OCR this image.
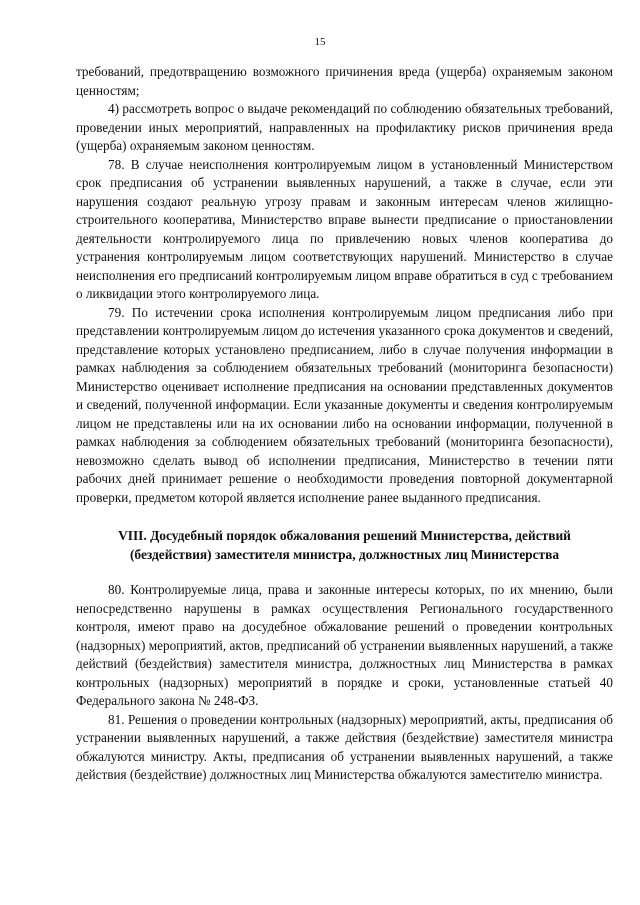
15

требований, предотвращению возможного причинения вреда (ущерба) охраняемым законом ценностям;

4) рассмотреть вопрос о выдаче рекомендаций по соблюдению обязательных требований, проведении иных мероприятий, направленных на профилактику рисков причинения вреда (ущерба) охраняемым законом ценностям.

78. В случае неисполнения контролируемым лицом в установленный Министерством срок предписания об устранении выявленных нарушений, а также в случае, если эти нарушения создают реальную угрозу правам и законным интересам членов жилищно-строительного кооператива, Министерство вправе вынести предписание о приостановлении деятельности контролируемого лица по привлечению новых членов кооператива до устранения контролируемым лицом соответствующих нарушений. Министерство в случае неисполнения его предписаний контролируемым лицом вправе обратиться в суд с требованием о ликвидации этого контролируемого лица.

79. По истечении срока исполнения контролируемым лицом предписания либо при представлении контролируемым лицом до истечения указанного срока документов и сведений, представление которых установлено предписанием, либо в случае получения информации в рамках наблюдения за соблюдением обязательных требований (мониторинга безопасности) Министерство оценивает исполнение предписания на основании представленных документов и сведений, полученной информации. Если указанные документы и сведения контролируемым лицом не представлены или на их основании либо на основании информации, полученной в рамках наблюдения за соблюдением обязательных требований (мониторинга безопасности), невозможно сделать вывод об исполнении предписания, Министерство в течении пяти рабочих дней принимает решение о необходимости проведения повторной документарной проверки, предметом которой является исполнение ранее выданного предписания.

VIII. Досудебный порядок обжалования решений Министерства, действий (бездействия) заместителя министра, должностных лиц Министерства

80. Контролируемые лица, права и законные интересы которых, по их мнению, были непосредственно нарушены в рамках осуществления Регионального государственного контроля, имеют право на досудебное обжалование решений о проведении контрольных (надзорных) мероприятий, актов, предписаний об устранении выявленных нарушений, а также действий (бездействия) заместителя министра, должностных лиц Министерства в рамках контрольных (надзорных) мероприятий в порядке и сроки, установленные статьей 40 Федерального закона № 248-ФЗ.

81. Решения о проведении контрольных (надзорных) мероприятий, акты, предписания об устранении выявленных нарушений, а также действия (бездействие) заместителя министра обжалуются министру. Акты, предписания об устранении выявленных нарушений, а также действия (бездействие) должностных лиц Министерства обжалуются заместителю министра.
